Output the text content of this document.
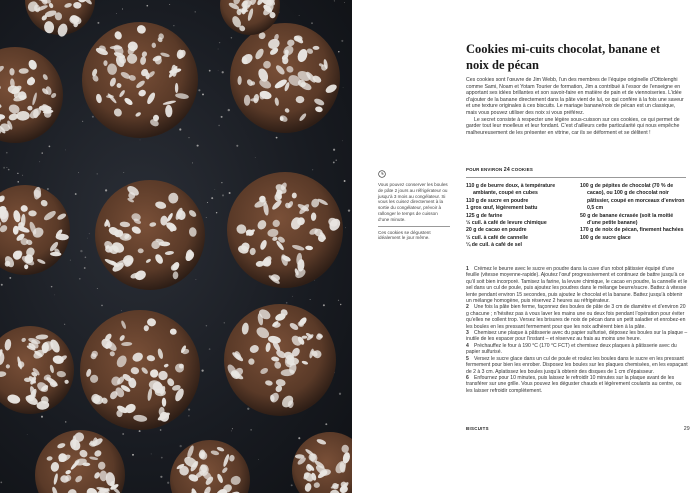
Cookies mi-cuits chocolat, banane et noix de pécan

Ces cookies sont l’œuvre de Jim Webb, l’un des membres de l’équipe originelle d’Ottolenghi comme Sami, Noam et Yotam Tourier de formation, Jim a contribué à l’essor de l’enseigne en apportant ses idées brillantes et son savoir-faire en matière de pain et de viennoiseries. L’idée d’ajouter de la banane directement dans la pâte vient de lui, ce qui confère à la fois une saveur et une texture originales à ces biscuits. Le mariage banane/noix de pécan est un classique, mais vous pouvez utiliser des noix si vous préférez.

Le secret consiste à respecter une légère sous-cuisson sur ces cookies, ce qui permet de garder tout leur moelleux et leur fondant. C’est d’ailleurs cette particularité qui nous empêche malheureusement de les présenter en vitrine, car ils se déforment et se délitent !

Vous pouvez conserver les boules de pâte 2 jours au réfrigérateur ou jusqu’à 3 mois au congélateur. Si vous les cuisez directement à la sortie du congélateur, prévoir à rallonger le temps de cuisson d’une minute.
Ces cookies se dégustent idéalement le jour même.
POUR ENVIRON 24 COOKIES
110 g de beurre doux, à température ambiante, coupé en cubes
110 g de sucre en poudre
1 gros œuf, légèrement battu
125 g de farine
½ cuil. à café de levure chimique
20 g de cacao en poudre
½ cuil. à café de cannelle
¼ de cuil. à café de sel
100 g de pépites de chocolat (70 % de cacao), ou 100 g de chocolat noir pâtissier, coupé en morceaux d’environ 0,5 cm
50 g de banane écrasée (soit la moitié d’une petite banane)
170 g de noix de pécan, finement hachées
100 g de sucre glace

1 Crémez le beurre avec le sucre en poudre dans la cuve d’un robot pâtissier équipé d’une feuille (vitesse moyenne-rapide). Ajoutez l’œuf progressivement et continuez de battre jusqu’à ce qu’il soit bien incorporé. Tamisez la farine, la levure chimique, le cacao en poudre, la cannelle et le sel dans un cul de poule, puis ajoutez les poudres dans le mélange beurre/sucre. Battez à vitesse lente pendant environ 15 secondes, puis ajoutez le chocolat et la banane. Battez jusqu’à obtenir un mélange homogène, puis réservez 2 heures au réfrigérateur.

2 Une fois la pâte bien ferme, façonnez des boules de pâte de 3 cm de diamètre et d’environ 20 g chacune ; n’hésitez pas à vous laver les mains une ou deux fois pendant l’opération pour éviter qu’elles ne collent trop. Versez les brisures de noix de pécan dans un petit saladier et enrobez-en les boules en les pressant fermement pour que les noix adhèrent bien à la pâte.

3 Chemisez une plaque à pâtisserie avec du papier sulfurisé, déposez les boules sur la plaque – inutile de les espacer pour l’instant – et réservez au frais au moins une heure.

4 Préchauffez le four à 190 °C (170 °C FCT) et chemisez deux plaques à pâtisserie avec du papier sulfurisé.

5 Versez le sucre glace dans un cul de poule et roulez les boules dans le sucre en les pressant fermement pour bien les enrober. Disposez les boules sur les plaques chemisées, en les espaçant de 2 à 3 cm. Aplatissez les boules jusqu’à obtenir des disques de 1 cm d’épaisseur.

6 Enfournez pour 10 minutes, puis laissez le refroidir 10 minutes sur la plaque avant de les transférer sur une grille. Vous pouvez les déguster chauds et légèrement coulants au centre, ou les laisser refroidir complètement.

BISCUITS	29
